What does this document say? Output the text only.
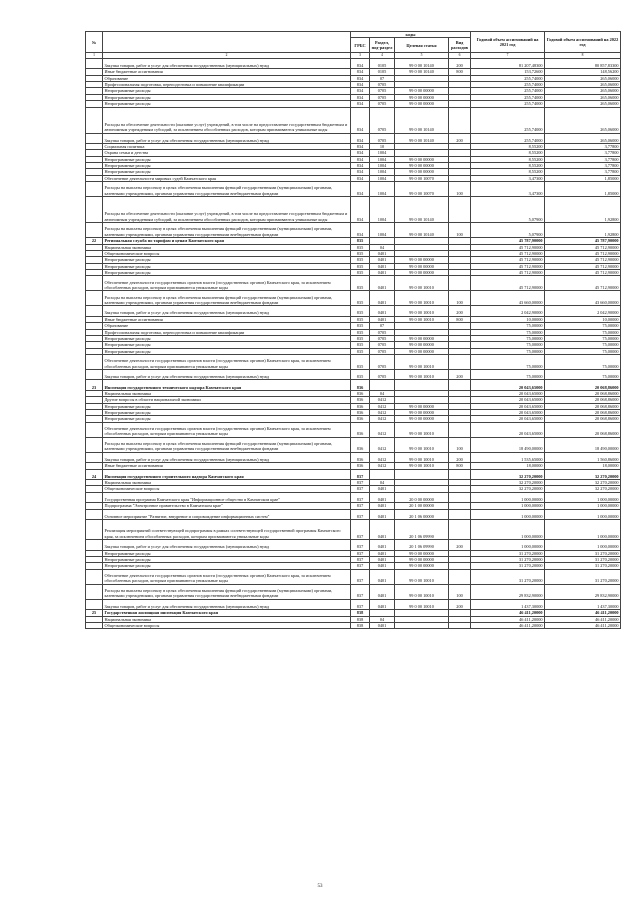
№		коды				Годовой объем ассигнований на 2021 год	Годовой объем ассигнований на 2022 год
		ГРБС	Раздел, под-раздел	Целевая статья	Вид расходов		
1	2	3	4	5	6	7	8
	Закупка товаров, работ и услуг для обеспечения государственных (муниципальных) нужд	834	0105	99 0 00 10140	200	81 207,48300	80 857,83300
	Иные бюджетные ассигнования	834	0105	99 0 00 10140	800	153,72600	148,56200
	Образование	834	07			255,74000	265,06000
	Профессиональная подготовка, переподготовка и повышение квалификации	834	0705			255,74000	265,06000
	Непрограммные расходы	834	0705	99 0 00 00000		255,74000	265,06000
	Непрограммные расходы	834	0705	99 0 00 00000		255,74000	265,06000
	Непрограммные расходы	834	0705	99 0 00 00000		255,74000	265,06000
	Расходы на обеспечение деятельности (оказание услуг) учреждений, в том числе на предоставление государственным бюджетным и автономным учреждениям субсидий, за исключением обособленных расходов, которым присваиваются уникальные коды	834	0705	99 0 00 10140		255,74000	265,06000
	Закупка товаров, работ и услуг для обеспечения государственных (муниципальных) нужд	834	0705	99 0 00 10140	200	255,74000	265,06000
	Социальная политика	834	10			8,55200	3,77800
	Охрана семьи и детства	834	1004			8,55200	3,77800
	Непрограммные расходы	834	1004	99 0 00 00000		8,55200	3,77800
	Непрограммные расходы	834	1004	99 0 00 00000		8,55200	3,77800
	Непрограммные расходы	834	1004	99 0 00 00000		8,55200	3,77800
	Обеспечение деятельности мировых судей Камчатского края	834	1004	99 0 00 10070		3,47300	1,85000
	Расходы на выплаты персоналу в целях обеспечения выполнения функций государственными (муниципальными) органами, казенными учреждениями, органами управления государственными внебюджетными фондами	834	1004	99 0 00 10070	100	3,47300	1,85000
	Расходы на обеспечение деятельности (оказание услуг) учреждений, в том числе на предоставление государственным бюджетным и автономным учреждениям субсидий, за исключением обособленных расходов, которым присваиваются уникальные коды	834	1004	99 0 00 10140		5,07900	1,92800
	Расходы на выплаты персоналу в целях обеспечения выполнения функций государственными (муниципальными) органами, казенными учреждениями, органами управления государственными внебюджетными фондами	834	1004	99 0 00 10140	100	5,07900	1,92800
22	Региональная служба по тарифам и ценам Камчатского края	835				45 787,90000	45 787,90000
	Национальная экономика	835	04			45 712,90000	45 712,90000
	Общеэкономические вопросы	835	0401			45 712,90000	45 712,90000
	Непрограммные расходы	835	0401	99 0 00 00000		45 712,90000	45 712,90000
	Непрограммные расходы	835	0401	99 0 00 00000		45 712,90000	45 712,90000
	Непрограммные расходы	835	0401	99 0 00 00000		45 712,90000	45 712,90000
	Обеспечение деятельности государственных органов власти (государственных органов) Камчатского края, за исключением обособленных расходов, которым присваиваются уникальные коды	835	0401	99 0 00 10010		45 712,90000	45 712,90000
	Расходы на выплаты персоналу в целях обеспечения выполнения функций государственными (муниципальными) органами, казенными учреждениями, органами управления государственными внебюджетными фондами	835	0401	99 0 00 10010	100	43 660,00000	43 660,00000
	Закупка товаров, работ и услуг для обеспечения государственных (муниципальных) нужд	835	0401	99 0 00 10010	200	2 042,90000	2 042,90000
	Иные бюджетные ассигнования	835	0401	99 0 00 10010	800	10,00000	10,00000
	Образование	835	07			75,00000	75,00000
	Профессиональная подготовка, переподготовка и повышение квалификации	835	0705			75,00000	75,00000
	Непрограммные расходы	835	0705	99 0 00 00000		75,00000	75,00000
	Непрограммные расходы	835	0705	99 0 00 00000		75,00000	75,00000
	Непрограммные расходы	835	0705	99 0 00 00000		75,00000	75,00000
	Обеспечение деятельности государственных органов власти (государственных органов) Камчатского края, за исключением обособленных расходов, которым присваиваются уникальные коды	835	0705	99 0 00 10010		75,00000	75,00000
	Закупка товаров, работ и услуг для обеспечения государственных (муниципальных) нужд	835	0705	99 0 00 10010	200	75,00000	75,00000
23	Инспекция государственного технического надзора Камчатского края	836				20 043,65000	20 068,86000
	Национальная экономика	836	04			20 043,65000	20 068,86000
	Другие вопросы в области национальной экономики	836	0412			20 043,65000	20 068,86000
	Непрограммные расходы	836	0412	99 0 00 00000		20 043,65000	20 068,86000
	Непрограммные расходы	836	0412	99 0 00 00000		20 043,65000	20 068,86000
	Непрограммные расходы	836	0412	99 0 00 00000		20 043,65000	20 068,86000
	Обеспечение деятельности государственных органов власти (государственных органов) Камчатского края, за исключением обособленных расходов, которым присваиваются уникальные коды	836	0412	99 0 00 10010		20 043,65000	20 068,86000
	Расходы на выплаты персоналу в целях обеспечения выполнения функций государственными (муниципальными) органами, казенными учреждениями, органами управления государственными внебюджетными фондами	836	0412	99 0 00 10010	100	18 490,00000	18 490,00000
	Закупка товаров, работ и услуг для обеспечения государственных (муниципальных) нужд	836	0412	99 0 00 10010	200	1 535,65000	1 560,86000
	Иные бюджетные ассигнования	836	0412	99 0 00 10010	800	18,00000	18,00000
24	Инспекция государственного строительного надзора Камчатского края	837				32 270,20000	32 270,20000
	Национальная экономика	837	04			32 270,20000	32 270,20000
	Общеэкономические вопросы	837	0401			32 270,20000	32 270,20000
	Государственная программа Камчатского края "Информационное общество в Камчатском крае"	837	0401	20 0 00 00000		1 000,00000	1 000,00000
	Подпрограмма "Электронное правительство в Камчатском крае"	837	0401	20 1 00 00000		1 000,00000	1 000,00000
	Основное мероприятие "Развитие, внедрение и сопровождение информационных систем"	837	0401	20 1 06 00000		1 000,00000	1 000,00000
	Реализация мероприятий соответствующей подпрограммы в рамках соответствующей государственной программы Камчатского края, за исключением обособленных расходов, которым присваиваются уникальные коды	837	0401	20 1 06 09990		1 000,00000	1 000,00000
	Закупка товаров, работ и услуг для обеспечения государственных (муниципальных) нужд	837	0401	20 1 06 09990	200	1 000,00000	1 000,00000
	Непрограммные расходы	837	0401	99 0 00 00000		31 270,20000	31 270,20000
	Непрограммные расходы	837	0401	99 0 00 00000		31 270,20000	31 270,20000
	Непрограммные расходы	837	0401	99 0 00 00000		31 270,20000	31 270,20000
	Обеспечение деятельности государственных органов власти (государственных органов) Камчатского края, за исключением обособленных расходов, которым присваиваются уникальные коды	837	0401	99 0 00 10010		31 270,20000	31 270,20000
	Расходы на выплаты персоналу в целях обеспечения выполнения функций государственными (муниципальными) органами, казенными учреждениями, органами управления государственными внебюджетными фондами	837	0401	99 0 00 10010	100	29 832,90000	29 832,90000
	Закупка товаров, работ и услуг для обеспечения государственных (муниципальных) нужд	837	0401	99 0 00 10010	200	1 437,30000	1 437,30000
25	Государственная жилищная инспекция Камчатского края	838				46 411,20000	46 411,20000
	Национальная экономика	838	04			46 411,20000	46 411,20000
	Общеэкономические вопросы	838	0401			46 411,20000	46 411,20000
53
